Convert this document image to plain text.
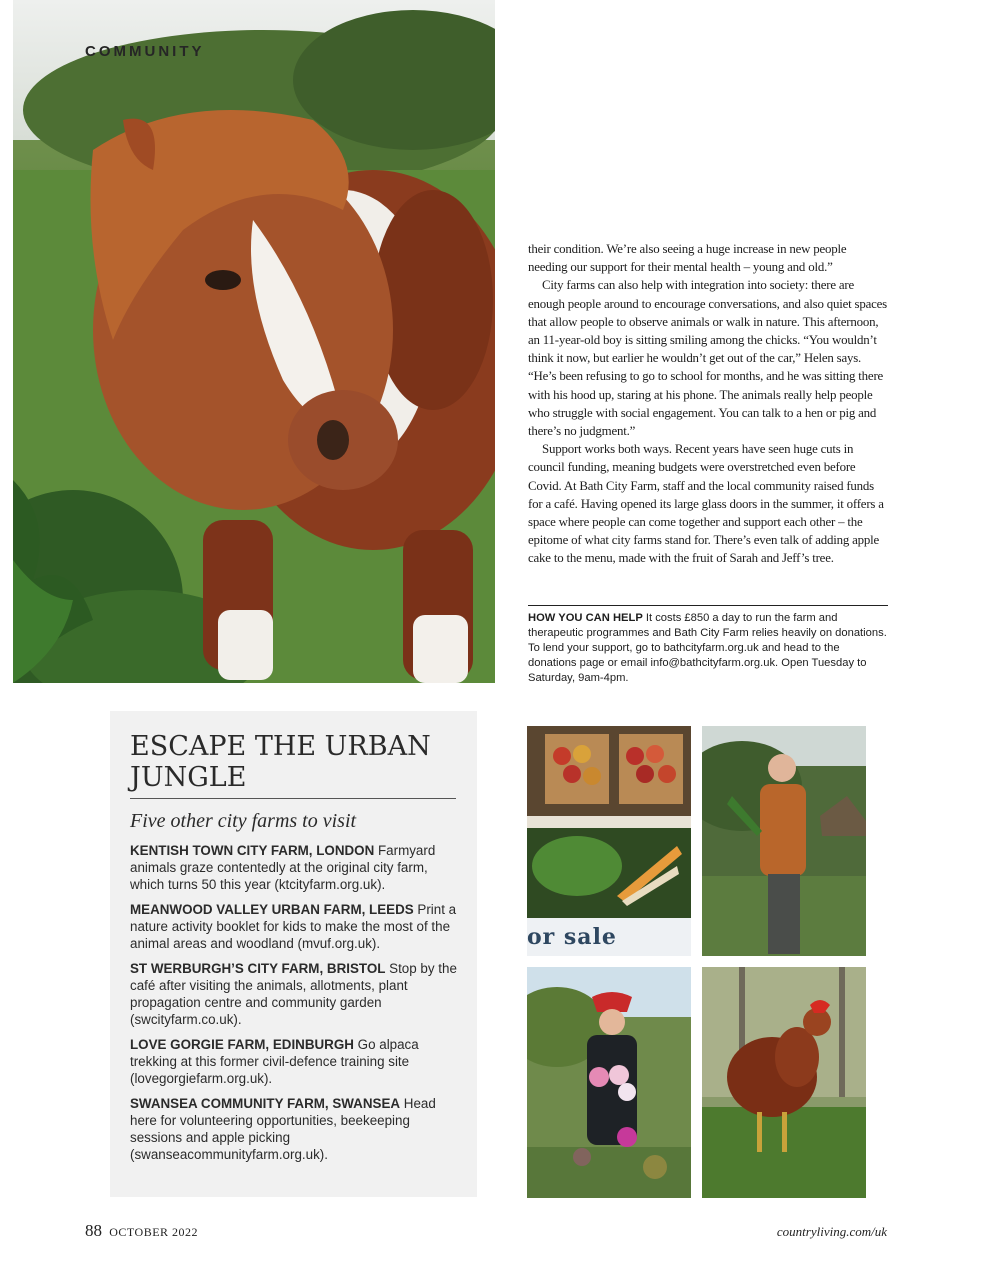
COMMUNITY

their condition. We’re also seeing a huge increase in new people needing our support for their mental health – young and old.”

City farms can also help with integration into society: there are enough people around to encourage conversations, and also quiet spaces that allow people to observe animals or walk in nature. This afternoon, an 11-year-old boy is sitting smiling among the chicks. “You wouldn’t think it now, but earlier he wouldn’t get out of the car,” Helen says. “He’s been refusing to go to school for months, and he was sitting there with his hood up, staring at his phone. The animals really help people who struggle with social engagement. You can talk to a hen or pig and there’s no judgment.”

Support works both ways. Recent years have seen huge cuts in council funding, meaning budgets were overstretched even before Covid. At Bath City Farm, staff and the local community raised funds for a café. Having opened its large glass doors in the summer, it offers a space where people can come together and support each other – the epitome of what city farms stand for. There’s even talk of adding apple cake to the menu, made with the fruit of Sarah and Jeff’s tree.

HOW YOU CAN HELP It costs £850 a day to run the farm and therapeutic programmes and Bath City Farm relies heavily on donations. To lend your support, go to bathcityfarm.org.uk and head to the donations page or email info@bathcityfarm.org.uk. Open Tuesday to Saturday, 9am-4pm.
ESCAPE THE URBAN JUNGLE

Five other city farms to visit

KENTISH TOWN CITY FARM, LONDON Farmyard animals graze contentedly at the original city farm, which turns 50 this year (ktcityfarm.org.uk).

MEANWOOD VALLEY URBAN FARM, LEEDS Print a nature activity booklet for kids to make the most of the animal areas and woodland (mvuf.org.uk).

ST WERBURGH’S CITY FARM, BRISTOL Stop by the café after visiting the animals, allotments, plant propagation centre and community garden (swcityfarm.co.uk).

LOVE GORGIE FARM, EDINBURGH Go alpaca trekking at this former civil-defence training site (lovegorgiefarm.org.uk).

SWANSEA COMMUNITY FARM, SWANSEA Head here for volunteering opportunities, beekeeping sessions and apple picking (swanseacommunityfarm.org.uk).

or sale
88 OCTOBER 2022	countryliving.com/uk
